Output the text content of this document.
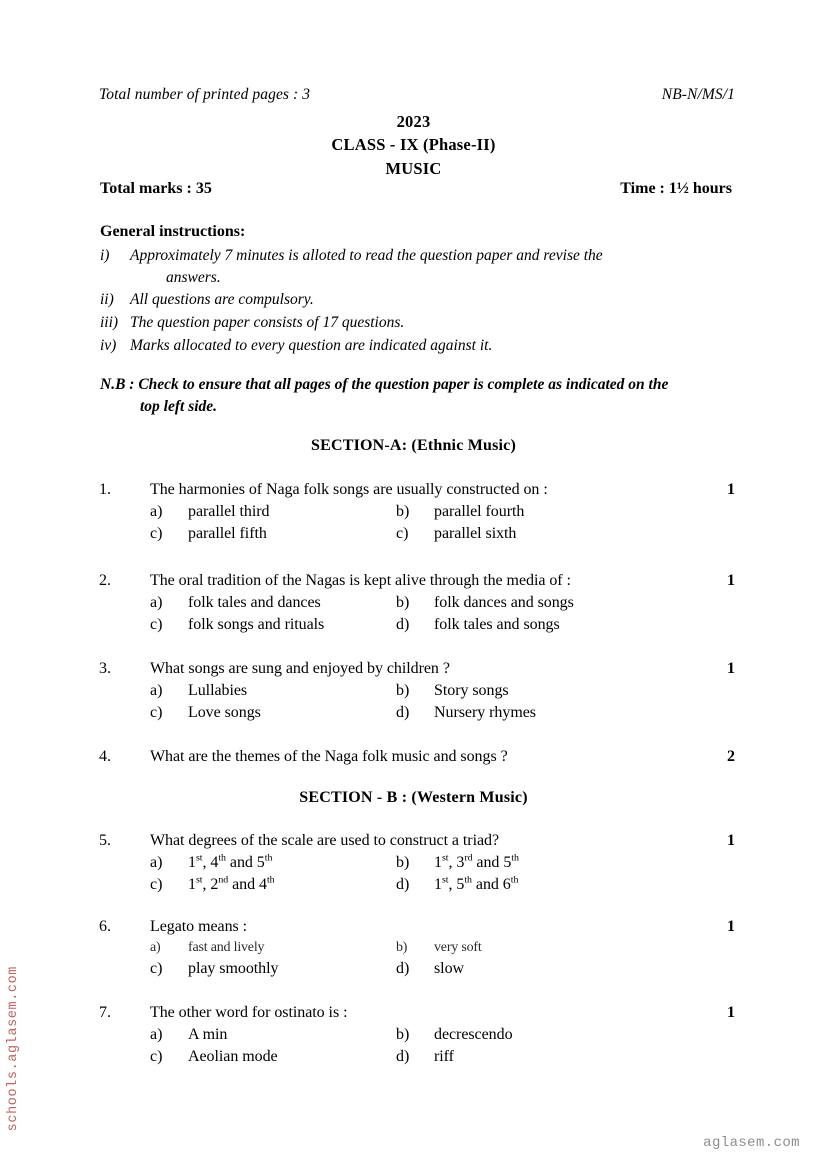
Total number of printed pages : 3	NB-N/MS/1
2023
CLASS - IX (Phase-II)
MUSIC
Total marks : 35	Time : 1½ hours
General instructions:
i)	Approximately 7 minutes is alloted to read the question paper and revise the
answers.
ii)	All questions are compulsory.
iii) The question paper consists of 17 questions.
iv) Marks allocated to every question are indicated against it.
N.B : Check to ensure that all pages of the question paper is complete as indicated on the
top left side.
SECTION-A: (Ethnic Music)
1.	The harmonies of Naga folk songs are usually constructed on :	1
a)	parallel third	b)	parallel fourth
c)	parallel fifth	c)	parallel sixth
2.	The oral tradition of the Nagas is kept alive through the media of :	1
a)	folk tales and dances	b)	folk dances and songs
c)	folk songs and rituals	d)	folk tales and songs
3.	What songs are sung and enjoyed by children ?	1
a)	Lullabies	b)	Story songs
c)	Love songs	d)	Nursery rhymes
4.	What are the themes of the Naga folk music and songs ?	2
SECTION - B : (Western Music)
5.	What degrees of the scale are used to construct a triad?	1
a)	1st, 4th and 5th	b)	1st, 3rd and 5th
c)	1st, 2nd and 4th	d)	1st, 5th and 6th
6.	Legato means :	1
a)	fast and lively	b)	very soft
c)	play smoothly	d)	slow
7.	The other word for ostinato is :	1
a)	A min	b)	decrescendo
c)	Aeolian mode	d)	riff
schools.aglasem.com
aglasem.com
